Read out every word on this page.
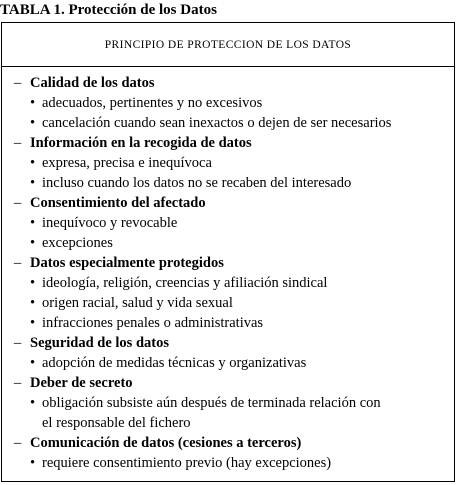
TABLA 1. Protección de los Datos
PRINCIPIO DE PROTECCION DE LOS DATOS
– Calidad de los datos
• adecuados, pertinentes y no excesivos
• cancelación cuando sean inexactos o dejen de ser necesarios
– Información en la recogida de datos
• expresa, precisa e inequívoca
• incluso cuando los datos no se recaben del interesado
– Consentimiento del afectado
• inequívoco y revocable
• excepciones
– Datos especialmente protegidos
• ideología, religión, creencias y afiliación sindical
• origen racial, salud y vida sexual
• infracciones penales o administrativas
– Seguridad de los datos
• adopción de medidas técnicas y organizativas
– Deber de secreto
• obligación subsiste aún después de terminada relación con
el responsable del fichero
– Comunicación de datos (cesiones a terceros)
• requiere consentimiento previo (hay excepciones)
